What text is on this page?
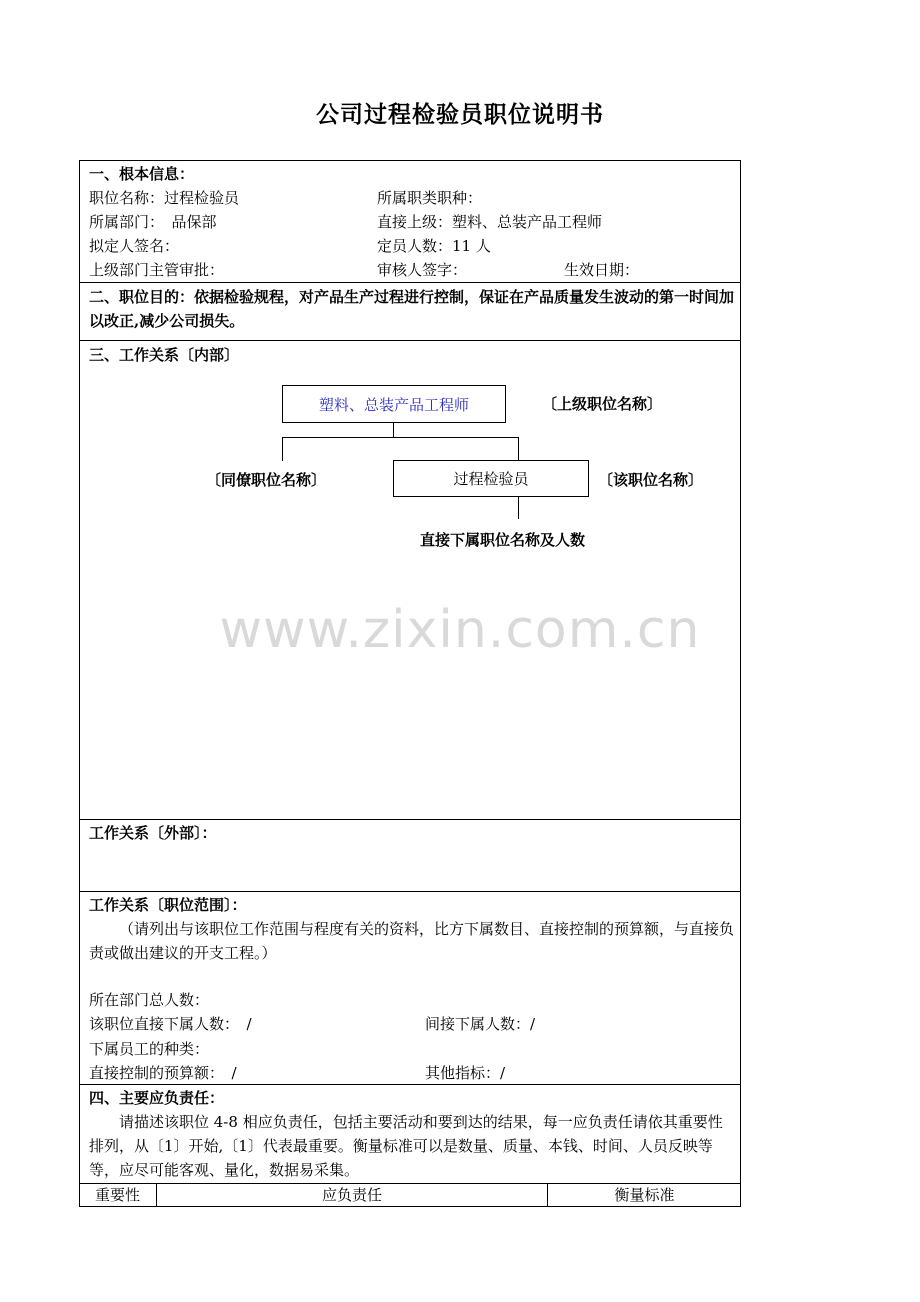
公司过程检验员职位说明书
一、根本信息：
职位名称：过程检验员	所属职类职种：
所属部门：　品保部	直接上级：塑料、总装产品工程师
拟定人签名：	定员人数：11 人
上级部门主管审批：	审核人签字：	生效日期：
二、职位目的：依据检验规程，对产品生产过程进行控制，保证在产品质量发生波动的第一时间加以改正,减少公司损失。
三、工作关系〔内部〕
塑料、总装产品工程师	〔上级职位名称〕
〔同僚职位名称〕	过程检验员	〔该职位名称〕
直接下属职位名称及人数
www.zixin.com.cn
工作关系〔外部〕：
工作关系〔职位范围〕：
（请列出与该职位工作范围与程度有关的资料，比方下属数目、直接控制的预算额，与直接负责或做出建议的开支工程。）
所在部门总人数：
该职位直接下属人数：　/	间接下属人数：/
下属员工的种类：
直接控制的预算额：　/	其他指标：/
四、主要应负责任：
请描述该职位 4-8 相应负责任，包括主要活动和要到达的结果，每一应负责任请依其重要性排列，从〔1〕开始,〔1〕代表最重要。衡量标准可以是数量、质量、本钱、时间、人员反映等等，应尽可能客观、量化，数据易采集。
重要性	应负责任	衡量标准
